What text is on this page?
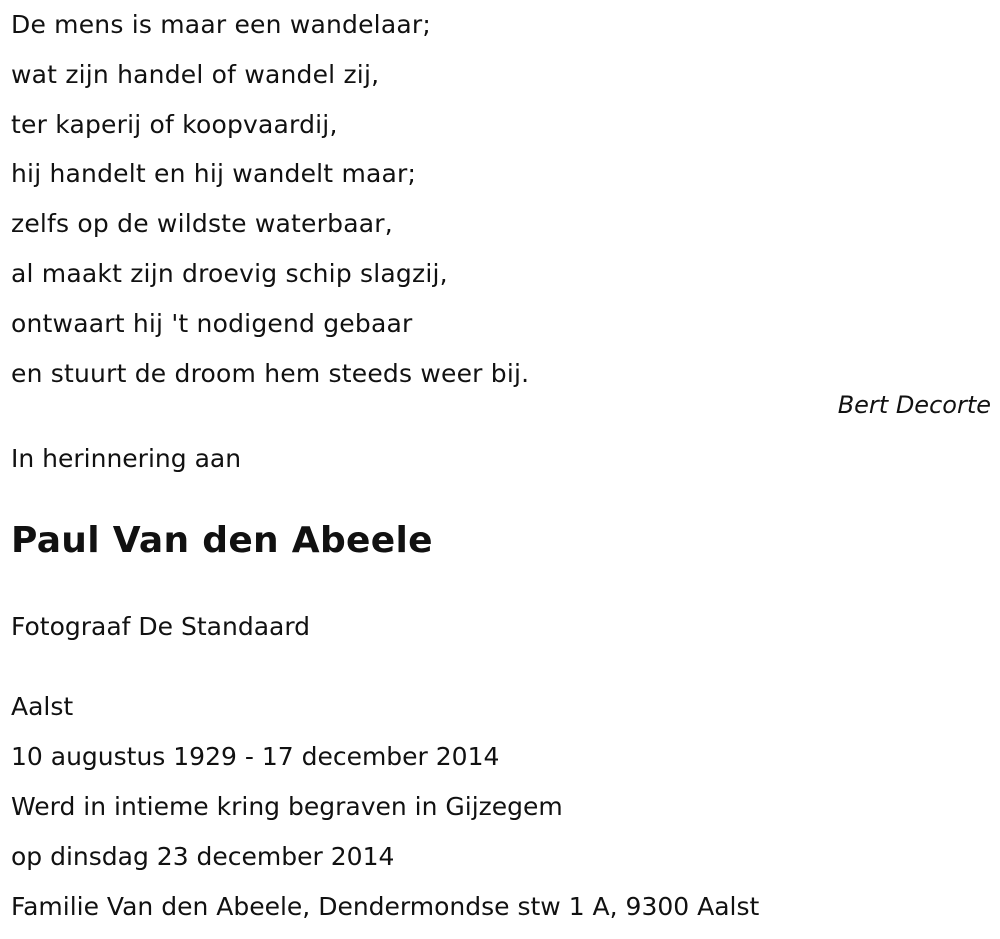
De mens is maar een wandelaar;
wat zijn handel of wandel zij,
ter kaperij of koopvaardij,
hij handelt en hij wandelt maar;
zelfs op de wildste waterbaar,
al maakt zijn droevig schip slagzij,
ontwaart hij 't nodigend gebaar
en stuurt de droom hem steeds weer bij.
Bert Decorte
In herinnering aan
Paul Van den Abeele
Fotograaf De Standaard
Aalst
10 augustus 1929 - 17 december 2014
Werd in intieme kring begraven in Gijzegem
op dinsdag 23 december 2014
Familie Van den Abeele, Dendermondse stw 1 A, 9300 Aalst
